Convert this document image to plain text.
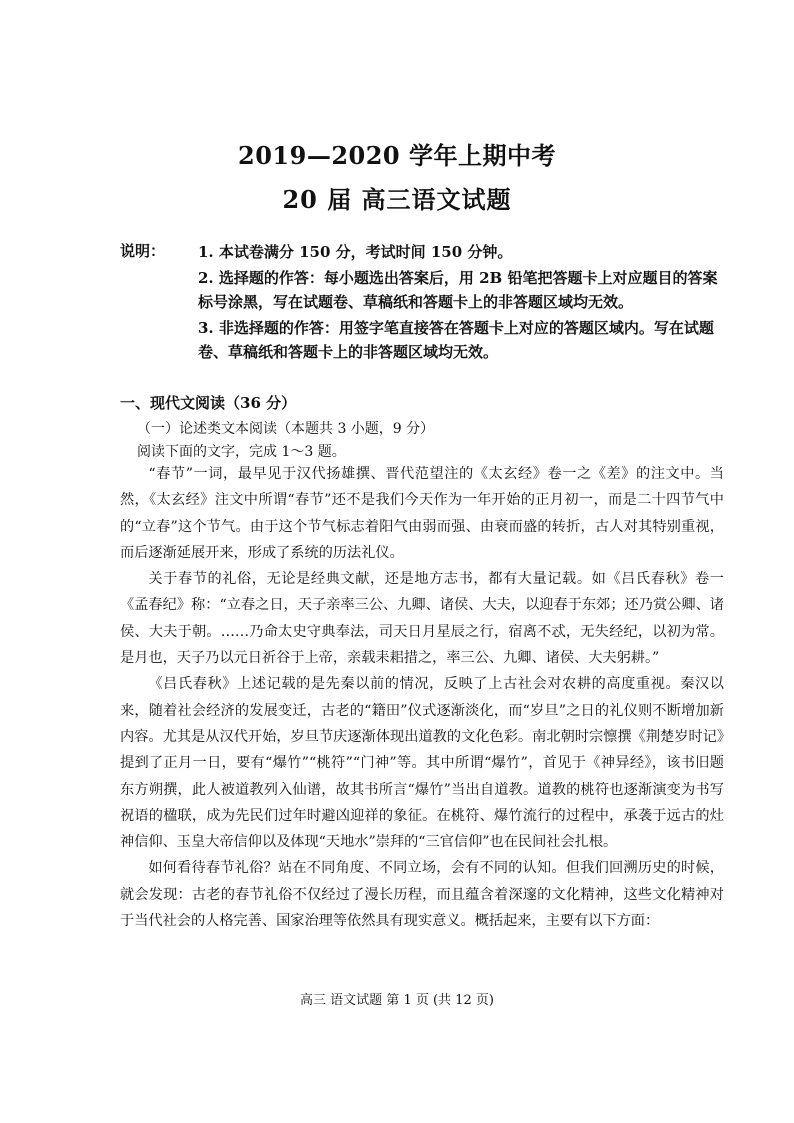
2019—2020 学年上期中考
20 届 高三语文试题
说明： 1. 本试卷满分 150 分，考试时间 150 分钟。
2. 选择题的作答：每小题选出答案后，用 2B 铅笔把答题卡上对应题目的答案标号涂黑，写在试题卷、草稿纸和答题卡上的非答题区域均无效。
3. 非选择题的作答：用签字笔直接答在答题卡上对应的答题区域内。写在试题卷、草稿纸和答题卡上的非答题区域均无效。
一、现代文阅读（36 分）
（一）论述类文本阅读（本题共 3 小题，9 分）
阅读下面的文字，完成 1～3 题。

“春节”一词，最早见于汉代扬雄撰、晋代范望注的《太玄经》卷一之《差》的注文中。当然，《太玄经》注文中所谓“春节”还不是我们今天作为一年开始的正月初一，而是二十四节气中的“立春”这个节气。由于这个节气标志着阳气由弱而强、由衰而盛的转折，古人对其特别重视，而后逐渐延展开来，形成了系统的历法礼仪。

关于春节的礼俗，无论是经典文献，还是地方志书，都有大量记载。如《吕氏春秋》卷一《孟春纪》称：“立春之日，天子亲率三公、九卿、诸侯、大夫，以迎春于东郊；还乃赏公卿、诸侯、大夫于朝。……乃命太史守典奉法，司天日月星辰之行，宿离不忒，无失经纪，以初为常。是月也，天子乃以元日祈谷于上帝，亲载耒耜措之，率三公、九卿、诸侯、大夫躬耕。”

《吕氏春秋》上述记载的是先秦以前的情况，反映了上古社会对农耕的高度重视。秦汉以来，随着社会经济的发展变迁，古老的“籍田”仪式逐渐淡化，而“岁旦”之日的礼仪则不断增加新内容。尤其是从汉代开始，岁旦节庆逐渐体现出道教的文化色彩。南北朝时宗懔撰《荆楚岁时记》提到了正月一日，要有“爆竹”“桃符”“门神”等。其中所谓“爆竹”，首见于《神异经》，该书旧题东方朔撰，此人被道教列入仙谱，故其书所言“爆竹”当出自道教。道教的桃符也逐渐演变为书写祝语的楹联，成为先民们过年时避凶迎祥的象征。在桃符、爆竹流行的过程中，承袭于远古的灶神信仰、玉皇大帝信仰以及体现“天地水”崇拜的“三官信仰”也在民间社会扎根。

如何看待春节礼俗？站在不同角度、不同立场，会有不同的认知。但我们回溯历史的时候，就会发现：古老的春节礼俗不仅经过了漫长历程，而且蕴含着深邃的文化精神，这些文化精神对于当代社会的人格完善、国家治理等依然具有现实意义。概括起来，主要有以下方面：

高三 语文试题 第 1 页 (共 12 页)
